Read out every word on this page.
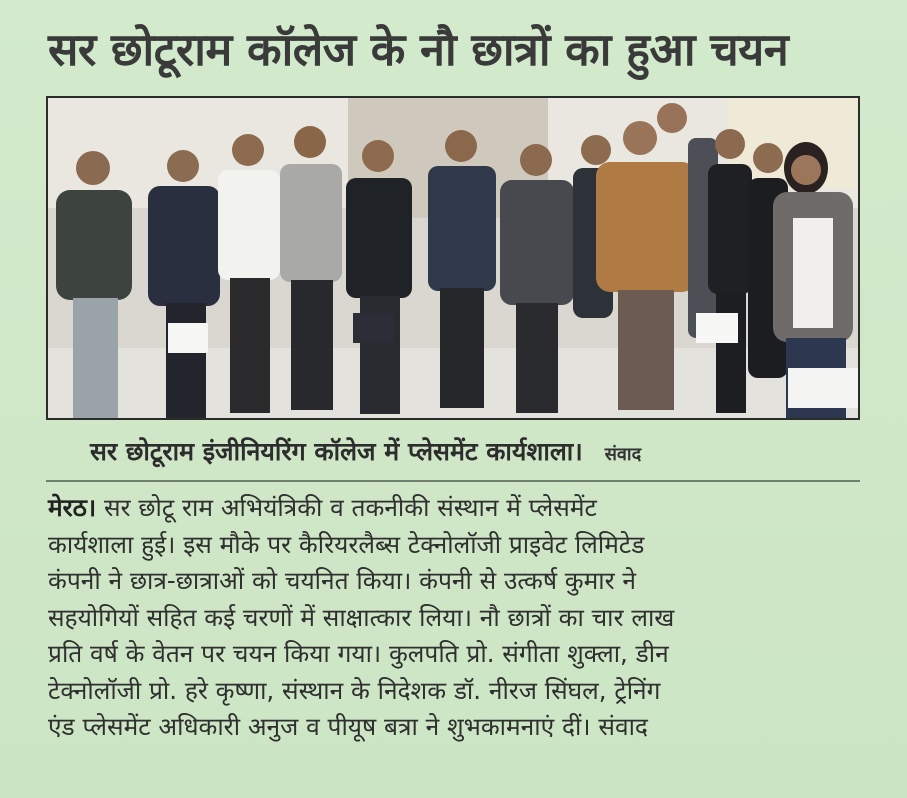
सर छोटूराम कॉलेज के नौ छात्रों का हुआ चयन
सर छोटूराम इंजीनियरिंग कॉलेज में प्लेसमेंट कार्यशाला। संवाद
मेरठ। सर छोटू राम अभियंत्रिकी व तकनीकी संस्थान में प्लेसमेंट
कार्यशाला हुई। इस मौके पर कैरियरलैब्स टेक्नोलॉजी प्राइवेट लिमिटेड
कंपनी ने छात्र-छात्राओं को चयनित किया। कंपनी से उत्कर्ष कुमार ने
सहयोगियों सहित कई चरणों में साक्षात्कार लिया। नौ छात्रों का चार लाख
प्रति वर्ष के वेतन पर चयन किया गया। कुलपति प्रो. संगीता शुक्ला, डीन
टेक्नोलॉजी प्रो. हरे कृष्णा, संस्थान के निदेशक डॉ. नीरज सिंघल, ट्रेनिंग
एंड प्लेसमेंट अधिकारी अनुज व पीयूष बत्रा ने शुभकामनाएं दीं। संवाद
